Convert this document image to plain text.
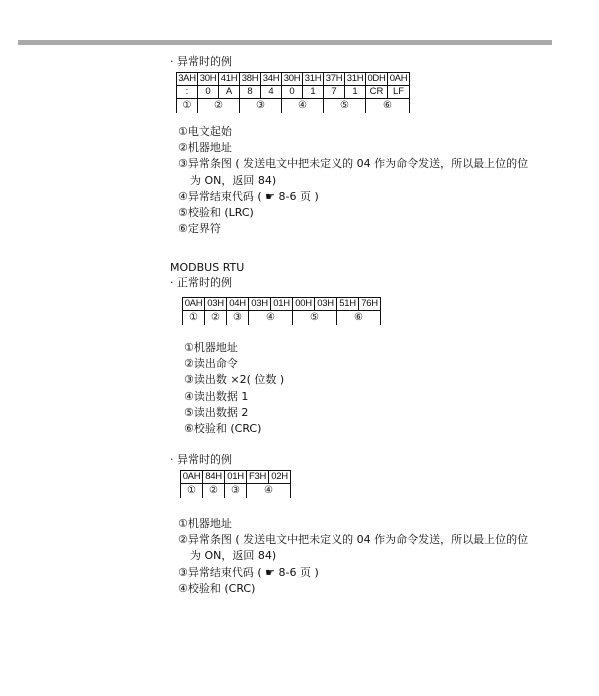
· 异常时的例
3AH	30H	41H	38H	34H	30H	31H	37H	31H	0DH	0AH
:	0	A	8	4	0	1	7	1	CR	LF
①	②		③		④		⑤		⑥	
①电文起始
②机器地址
③异常条图 ( 发送电文中把未定义的 04 作为命令发送，所以最上位的位
为 ON，返回 84)
④异常结束代码 ( ☛ 8-6 页 )
⑤校验和 (LRC)
⑥定界符
MODBUS RTU
· 正常时的例
0AH	03H	04H	03H	01H	00H	03H	51H	76H
①	②	③	④		⑤		⑥	
①机器地址
②读出命令
③读出数 ×2( 位数 )
④读出数据 1
⑤读出数据 2
⑥校验和 (CRC)
· 异常时的例
0AH	84H	01H	F3H	02H
①	②	③	④	
①机器地址
②异常条图 ( 发送电文中把未定义的 04 作为命令发送，所以最上位的位
为 ON，返回 84)
③异常结束代码 ( ☛ 8-6 页 )
④校验和 (CRC)
